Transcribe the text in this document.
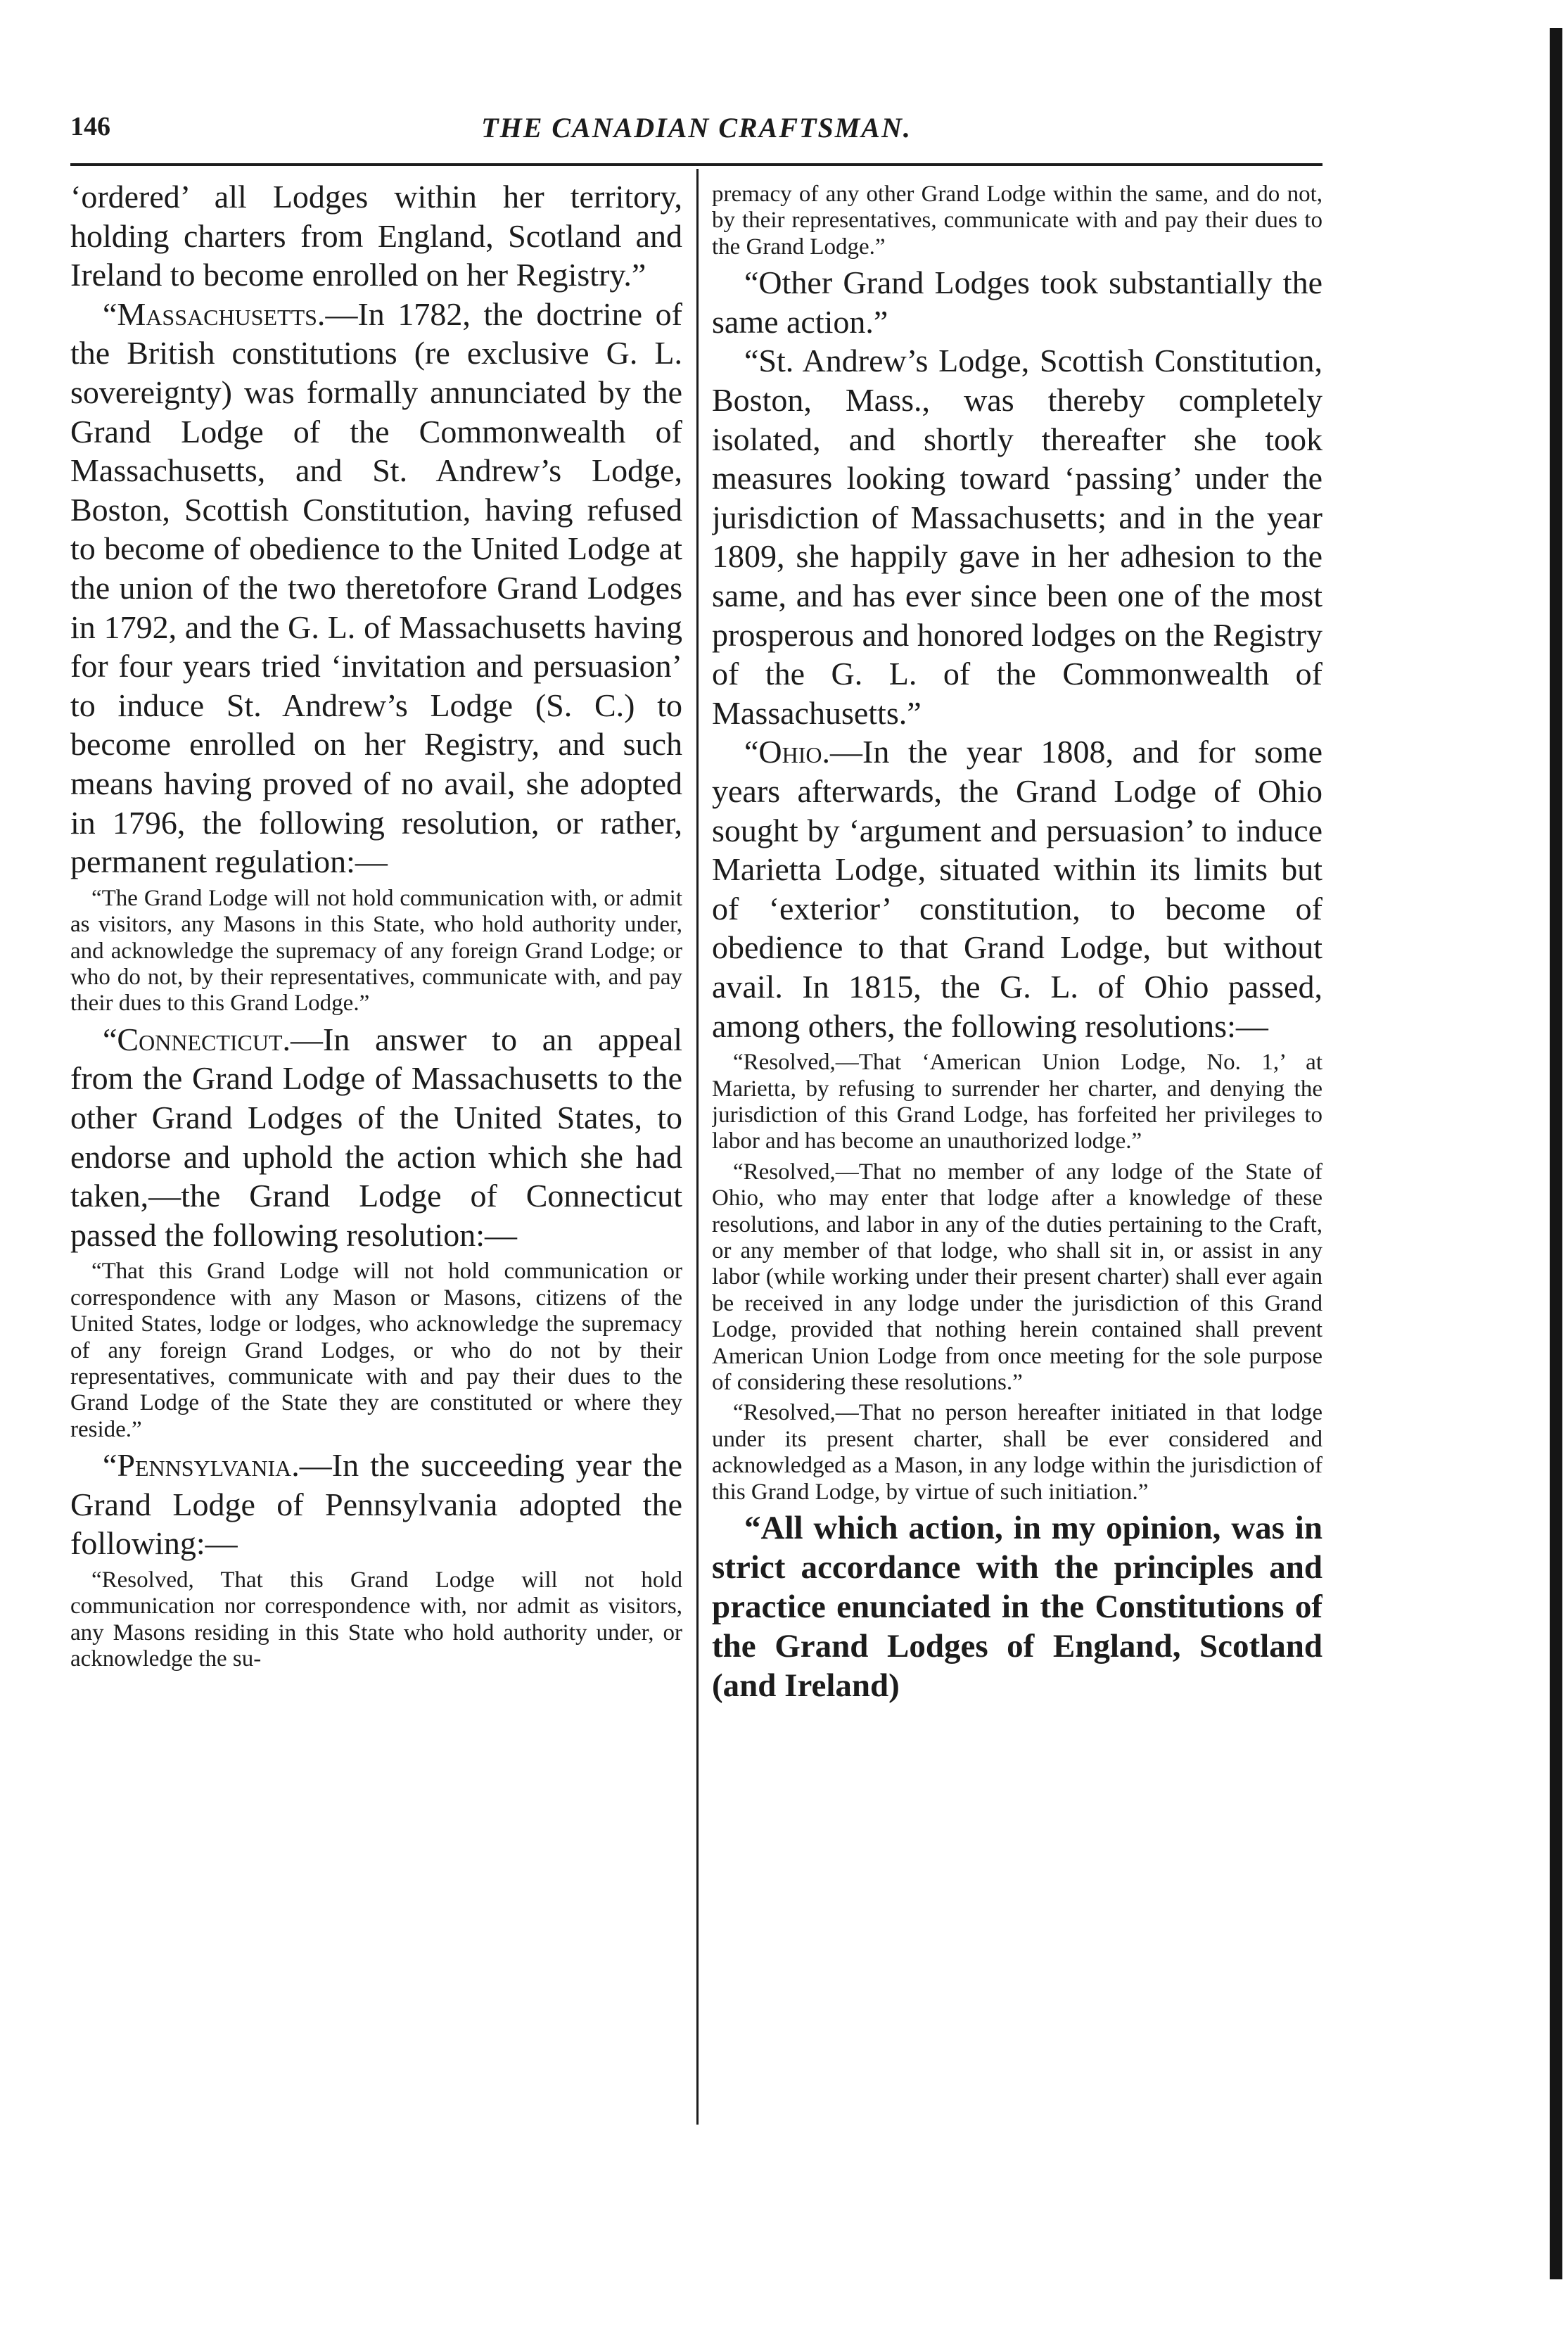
146	THE CANADIAN CRAFTSMAN.

‘ordered’ all Lodges within her territory, holding charters from England, Scotland and Ireland to become enrolled on her Registry.”

“Massachusetts.—In 1782, the doctrine of the British constitutions (re exclusive G. L. sovereignty) was formally annunciated by the Grand Lodge of the Commonwealth of Massachusetts, and St. Andrew’s Lodge, Boston, Scottish Constitution, having refused to become of obedience to the United Lodge at the union of the two theretofore Grand Lodges in 1792, and the G. L. of Massachusetts having for four years tried ‘invitation and persuasion’ to induce St. Andrew’s Lodge (S. C.) to become enrolled on her Registry, and such means having proved of no avail, she adopted in 1796, the following resolution, or rather, permanent regulation:—

“The Grand Lodge will not hold communication with, or admit as visitors, any Masons in this State, who hold authority under, and acknowledge the supremacy of any foreign Grand Lodge; or who do not, by their representatives, communicate with, and pay their dues to this Grand Lodge.”

“Connecticut.—In answer to an appeal from the Grand Lodge of Massachusetts to the other Grand Lodges of the United States, to endorse and uphold the action which she had taken,—the Grand Lodge of Connecticut passed the following resolution:—

“That this Grand Lodge will not hold communication or correspondence with any Mason or Masons, citizens of the United States, lodge or lodges, who acknowledge the supremacy of any foreign Grand Lodges, or who do not by their representatives, communicate with and pay their dues to the Grand Lodge of the State they are constituted or where they reside.”

“Pennsylvania.—In the succeeding year the Grand Lodge of Pennsylvania adopted the following:—

“Resolved, That this Grand Lodge will not hold communication nor correspondence with, nor admit as visitors, any Masons residing in this State who hold authority under, or acknowledge the su-

premacy of any other Grand Lodge within the same, and do not, by their representatives, communicate with and pay their dues to the Grand Lodge.”

“Other Grand Lodges took substantially the same action.”

“St. Andrew’s Lodge, Scottish Constitution, Boston, Mass., was thereby completely isolated, and shortly thereafter she took measures looking toward ‘passing’ under the jurisdiction of Massachusetts; and in the year 1809, she happily gave in her adhesion to the same, and has ever since been one of the most prosperous and honored lodges on the Registry of the G. L. of the Commonwealth of Massachusetts.”

“Ohio.—In the year 1808, and for some years afterwards, the Grand Lodge of Ohio sought by ‘argument and persuasion’ to induce Marietta Lodge, situated within its limits but of ‘exterior’ constitution, to become of obedience to that Grand Lodge, but without avail. In 1815, the G. L. of Ohio passed, among others, the following resolutions:—

“Resolved,—That ‘American Union Lodge, No. 1,’ at Marietta, by refusing to surrender her charter, and denying the jurisdiction of this Grand Lodge, has forfeited her privileges to labor and has become an unauthorized lodge.”

“Resolved,—That no member of any lodge of the State of Ohio, who may enter that lodge after a knowledge of these resolutions, and labor in any of the duties pertaining to the Craft, or any member of that lodge, who shall sit in, or assist in any labor (while working under their present charter) shall ever again be received in any lodge under the jurisdiction of this Grand Lodge, provided that nothing herein contained shall prevent American Union Lodge from once meeting for the sole purpose of considering these resolutions.”

“Resolved,—That no person hereafter initiated in that lodge under its present charter, shall be ever considered and acknowledged as a Mason, in any lodge within the jurisdiction of this Grand Lodge, by virtue of such initiation.”

“All which action, in my opinion, was in strict accordance with the principles and practice enunciated in the Constitutions of the Grand Lodges of England, Scotland (and Ireland)
